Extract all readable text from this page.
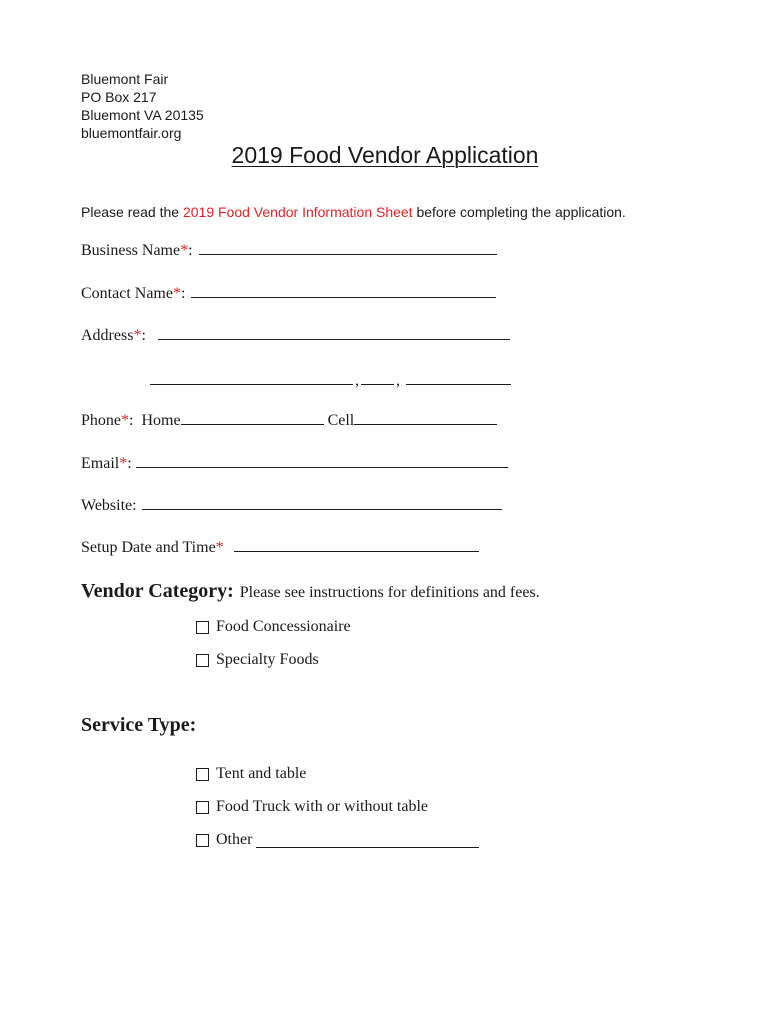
Bluemont Fair
PO Box 217
Bluemont VA 20135
bluemontfair.org
2019 Food Vendor Application
Please read the 2019 Food Vendor Information Sheet before completing the application.
Business Name * :
Contact Name * :
Address * :
, ,
Phone * : Home	Cell
Email * :
Website:
Setup Date and Time *
Vendor Category: Please see instructions for definitions and fees.
Food Concessionaire
Specialty Foods
Service Type:
Tent and table
Food Truck with or without table
Other
